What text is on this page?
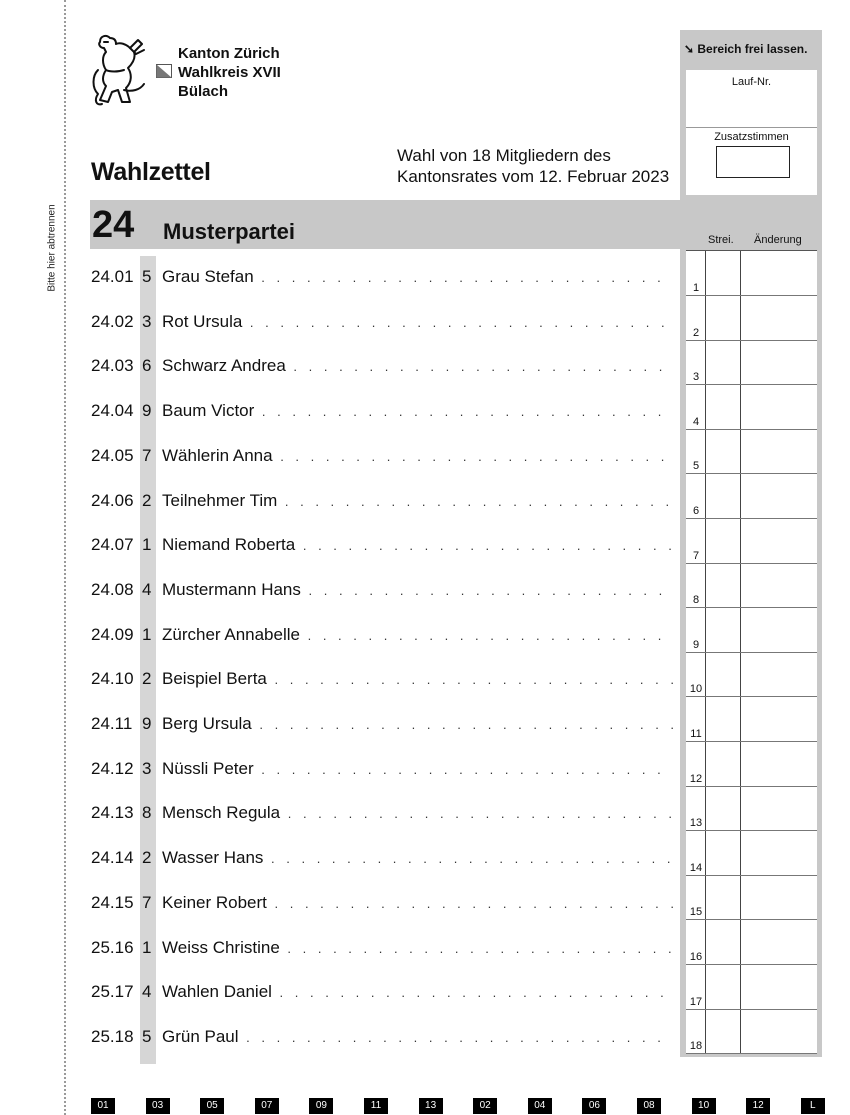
Bitte hier abtrennen
Kanton Zürich
Wahlkreis XVII
Bülach
Wahlzettel
Wahl von 18 Mitgliedern des
Kantonsrates vom 12. Februar 2023
24 Musterpartei
24.01 5 Grau Stefan . . .
24.02 3 Rot Ursula . . .
24.03 6 Schwarz Andrea . . .
24.04 9 Baum Victor . . .
24.05 7 Wählerin Anna . . .
24.06 2 Teilnehmer Tim . . .
24.07 1 Niemand Roberta . . .
24.08 4 Mustermann Hans . . .
24.09 1 Zürcher Annabelle . . .
24.10 2 Beispiel Berta . . .
24.11 9 Berg Ursula . . .
24.12 3 Nüssli Peter . . .
24.13 8 Mensch Regula . . .
24.14 2 Wasser Hans . . .
24.15 7 Keiner Robert . . .
25.16 1 Weiss Christine . . .
25.17 4 Wahlen Daniel . . .
25.18 5 Grün Paul . . .
➘ Bereich frei lassen.
Lauf-Nr.
Zusatzstimmen
Strei. Änderung
1
2
3
4
5
6
7
8
9
10
11
12
13
14
15
16
17
18
01	03	05	07	09	11	13	02	04	06	08	10	12	L
